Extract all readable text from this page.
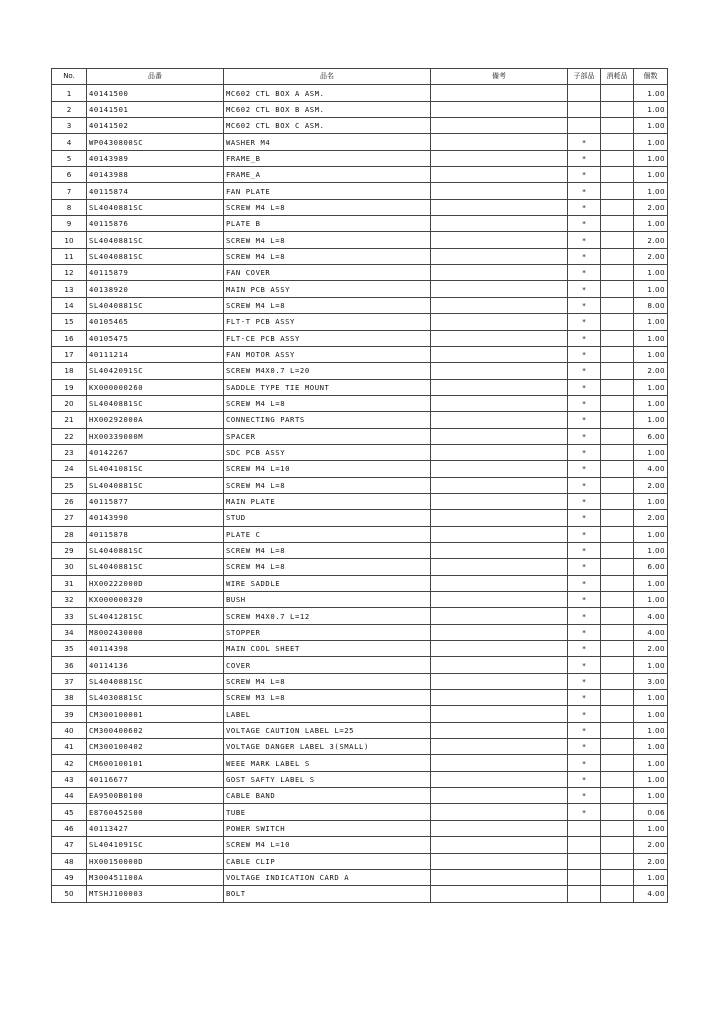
No.	品番	品名	備考	子部品	消耗品	個数
1	40141500	MC602 CTL BOX A ASM.				1.00
2	40141501	MC602 CTL BOX B ASM.				1.00
3	40141502	MC602 CTL BOX C ASM.				1.00
4	WP0430800SC	WASHER M4		*		1.00
5	40143989	FRAME_B		*		1.00
6	40143988	FRAME_A		*		1.00
7	40115874	FAN PLATE		*		1.00
8	SL4040881SC	SCREW M4 L=8		*		2.00
9	40115876	PLATE B		*		1.00
10	SL4040881SC	SCREW M4 L=8		*		2.00
11	SL4040881SC	SCREW M4 L=8		*		2.00
12	40115879	FAN COVER		*		1.00
13	40138920	MAIN PCB ASSY		*		1.00
14	SL4040881SC	SCREW M4 L=8		*		8.00
15	40105465	FLT-T PCB ASSY		*		1.00
16	40105475	FLT-CE PCB ASSY		*		1.00
17	40111214	FAN MOTOR ASSY		*		1.00
18	SL4042091SC	SCREW M4X0.7 L=20		*		2.00
19	KX000000260	SADDLE TYPE TIE MOUNT		*		1.00
20	SL4040881SC	SCREW M4 L=8		*		1.00
21	HX00292000A	CONNECTING PARTS		*		1.00
22	HX00339000M	SPACER		*		6.00
23	40142267	SDC PCB ASSY		*		1.00
24	SL4041081SC	SCREW M4 L=10		*		4.00
25	SL4040881SC	SCREW M4 L=8		*		2.00
26	40115877	MAIN PLATE		*		1.00
27	40143990	STUD		*		2.00
28	40115878	PLATE C		*		1.00
29	SL4040881SC	SCREW M4 L=8		*		1.00
30	SL4040881SC	SCREW M4 L=8		*		6.00
31	HX00222000D	WIRE SADDLE		*		1.00
32	KX000000320	BUSH		*		1.00
33	SL4041281SC	SCREW M4X0.7 L=12		*		4.00
34	M8002430000	STOPPER		*		4.00
35	40114398	MAIN COOL SHEET		*		2.00
36	40114136	COVER		*		1.00
37	SL4040881SC	SCREW M4 L=8		*		3.00
38	SL4030881SC	SCREW M3 L=8		*		1.00
39	CM300100001	LABEL		*		1.00
40	CM300400602	VOLTAGE CAUTION LABEL L=25		*		1.00
41	CM300100402	VOLTAGE DANGER LABEL 3(SMALL)		*		1.00
42	CM600100101	WEEE MARK LABEL S		*		1.00
43	40116677	GOST SAFTY LABEL S		*		1.00
44	EA9500B0100	CABLE BAND		*		1.00
45	E8760452S00	TUBE		*		0.06
46	40113427	POWER SWITCH				1.00
47	SL4041091SC	SCREW M4 L=10				2.00
48	HX00150000D	CABLE CLIP				2.00
49	M300451100A	VOLTAGE INDICATION CARD A				1.00
50	MTSHJ100003	BOLT				4.00
